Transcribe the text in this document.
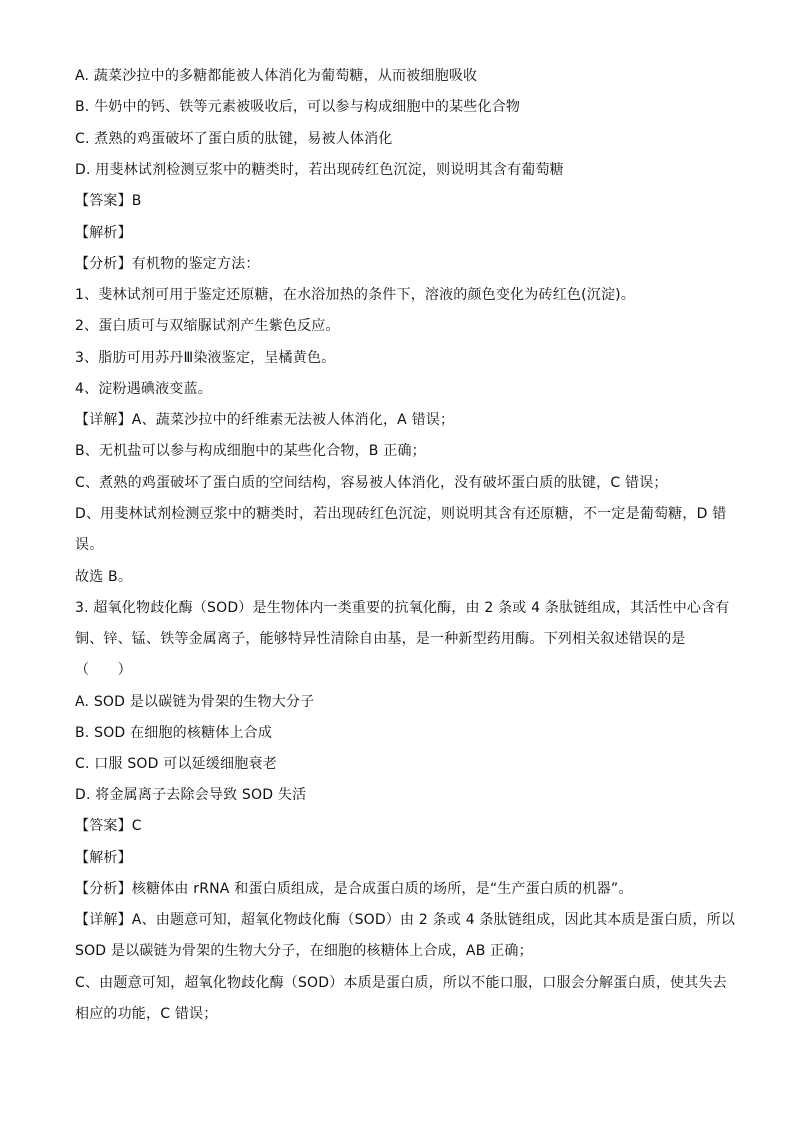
A. 蔬菜沙拉中的多糖都能被人体消化为葡萄糖，从而被细胞吸收
B. 牛奶中的钙、铁等元素被吸收后，可以参与构成细胞中的某些化合物
C. 煮熟的鸡蛋破坏了蛋白质的肽键，易被人体消化
D. 用斐林试剂检测豆浆中的糖类时，若出现砖红色沉淀，则说明其含有葡萄糖
【答案】B
【解析】
【分析】有机物的鉴定方法：
1、斐林试剂可用于鉴定还原糖，在水浴加热的条件下，溶液的颜色变化为砖红色(沉淀)。
2、蛋白质可与双缩脲试剂产生紫色反应。
3、脂肪可用苏丹Ⅲ染液鉴定，呈橘黄色。
4、淀粉遇碘液变蓝。
【详解】A、蔬菜沙拉中的纤维素无法被人体消化，A 错误；
B、无机盐可以参与构成细胞中的某些化合物，B 正确；
C、煮熟的鸡蛋破坏了蛋白质的空间结构，容易被人体消化，没有破坏蛋白质的肽键，C 错误；
D、用斐林试剂检测豆浆中的糖类时，若出现砖红色沉淀，则说明其含有还原糖，不一定是葡萄糖，D 错
误。
故选 B。
3. 超氧化物歧化酶（SOD）是生物体内一类重要的抗氧化酶，由 2 条或 4 条肽链组成，其活性中心含有
铜、锌、锰、铁等金属离子，能够特异性清除自由基，是一种新型药用酶。下列相关叙述错误的是
（　　）
A. SOD 是以碳链为骨架的生物大分子
B. SOD 在细胞的核糖体上合成
C. 口服 SOD 可以延缓细胞衰老
D. 将金属离子去除会导致 SOD 失活
【答案】C
【解析】
【分析】核糖体由 rRNA 和蛋白质组成，是合成蛋白质的场所，是“生产蛋白质的机器”。
【详解】A、由题意可知，超氧化物歧化酶（SOD）由 2 条或 4 条肽链组成，因此其本质是蛋白质，所以
SOD 是以碳链为骨架的生物大分子，在细胞的核糖体上合成，AB 正确；
C、由题意可知，超氧化物歧化酶（SOD）本质是蛋白质，所以不能口服，口服会分解蛋白质，使其失去
相应的功能，C 错误；
